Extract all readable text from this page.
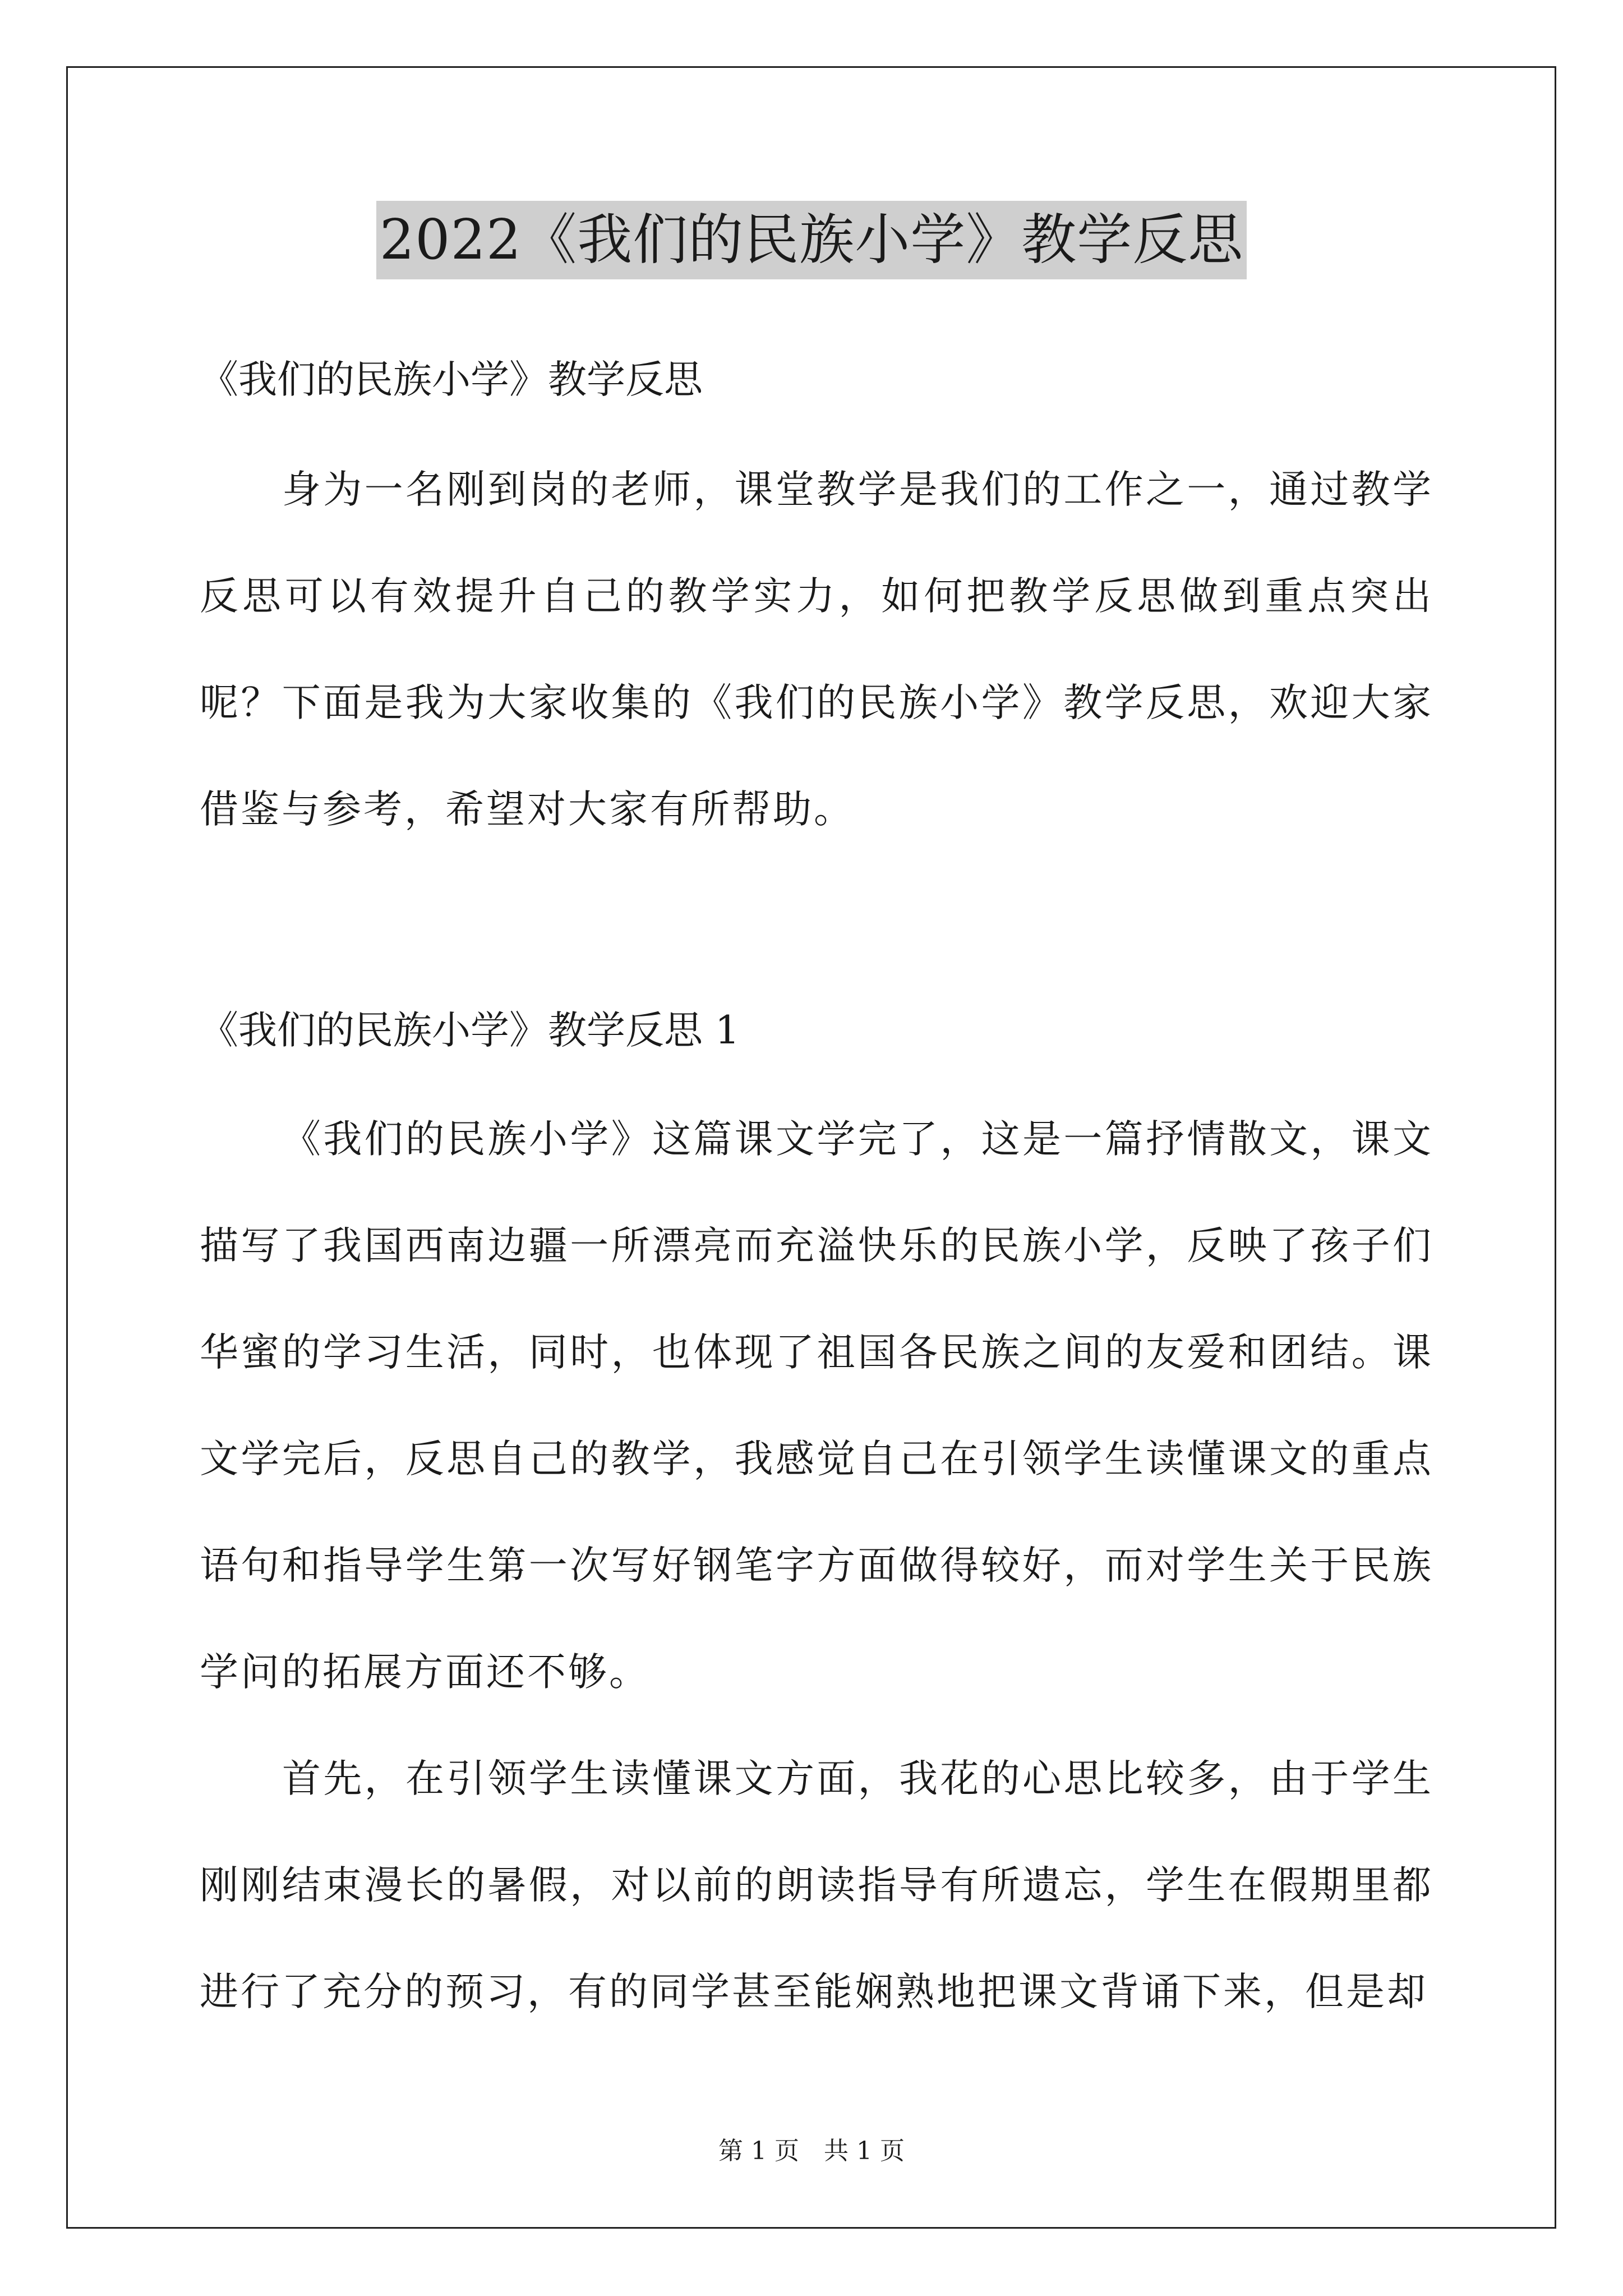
2022《我们的民族小学》教学反思
《我们的民族小学》教学反思

身为一名刚到岗的老师，课堂教学是我们的工作之一，通过教学反思可以有效提升自己的教学实力，如何把教学反思做到重点突出呢？下面是我为大家收集的《我们的民族小学》教学反思，欢迎大家借鉴与参考，希望对大家有所帮助。

《我们的民族小学》教学反思 1

《我们的民族小学》这篇课文学完了，这是一篇抒情散文，课文描写了我国西南边疆一所漂亮而充溢快乐的民族小学，反映了孩子们华蜜的学习生活，同时，也体现了祖国各民族之间的友爱和团结。课文学完后，反思自己的教学，我感觉自己在引领学生读懂课文的重点语句和指导学生第一次写好钢笔字方面做得较好，而对学生关于民族学问的拓展方面还不够。

首先，在引领学生读懂课文方面，我花的心思比较多，由于学生刚刚结束漫长的暑假，对以前的朗读指导有所遗忘，学生在假期里都进行了充分的预习，有的同学甚至能娴熟地把课文背诵下来，但是却

第 1 页　共 1 页
